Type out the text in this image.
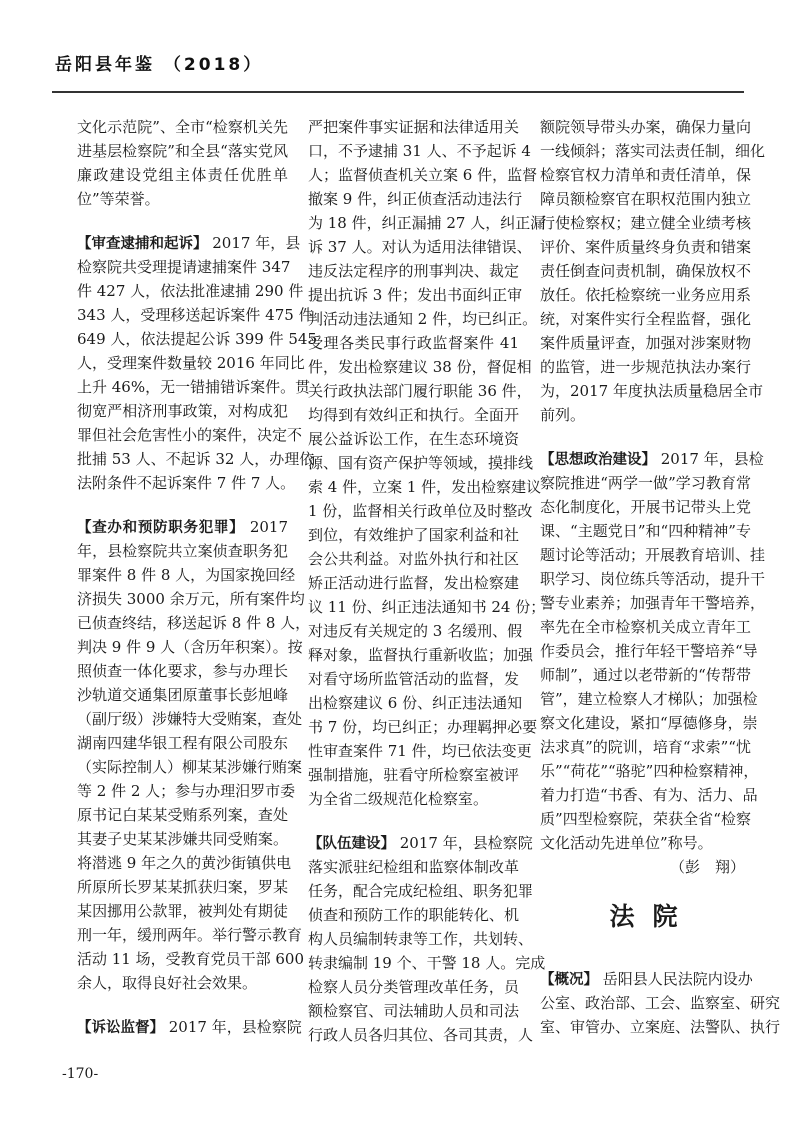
岳阳县年鉴 （2018）
文化示范院”、全市“检察机关先
进基层检察院”和全县“落实党风
廉政建设党组主体责任优胜单
位”等荣誉。
【审查逮捕和起诉】 2017 年，县
检察院共受理提请逮捕案件 347
件 427 人，依法批准逮捕 290 件
343 人，受理移送起诉案件 475 件
649 人，依法提起公诉 399 件 545
人，受理案件数量较 2016 年同比
上升 46%，无一错捕错诉案件。贯
彻宽严相济刑事政策，对构成犯
罪但社会危害性小的案件，决定不
批捕 53 人、不起诉 32 人，办理依
法附条件不起诉案件 7 件 7 人。
【查办和预防职务犯罪】 2017
年，县检察院共立案侦查职务犯
罪案件 8 件 8 人，为国家挽回经
济损失 3000 余万元，所有案件均
已侦查终结，移送起诉 8 件 8 人，
判决 9 件 9 人（含历年积案）。按
照侦查一体化要求，参与办理长
沙轨道交通集团原董事长彭旭峰
（副厅级）涉嫌特大受贿案，查处
湖南四建华银工程有限公司股东
（实际控制人）柳某某涉嫌行贿案
等 2 件 2 人；参与办理汨罗市委
原书记白某某受贿系列案，查处
其妻子史某某涉嫌共同受贿案。
将潜逃 9 年之久的黄沙街镇供电
所原所长罗某某抓获归案，罗某
某因挪用公款罪，被判处有期徒
刑一年，缓刑两年。举行警示教育
活动 11 场，受教育党员干部 600
余人，取得良好社会效果。
【诉讼监督】 2017 年，县检察院
严把案件事实证据和法律适用关
口，不予逮捕 31 人、不予起诉 4
人；监督侦查机关立案 6 件，监督
撤案 9 件，纠正侦查活动违法行
为 18 件，纠正漏捕 27 人，纠正漏
诉 37 人。对认为适用法律错误、
违反法定程序的刑事判决、裁定
提出抗诉 3 件；发出书面纠正审
判活动违法通知 2 件，均已纠正。
受理各类民事行政监督案件 41
件，发出检察建议 38 份，督促相
关行政执法部门履行职能 36 件，
均得到有效纠正和执行。全面开
展公益诉讼工作，在生态环境资
源、国有资产保护等领域，摸排线
索 4 件，立案 1 件，发出检察建议
1 份，监督相关行政单位及时整改
到位，有效维护了国家利益和社
会公共利益。对监外执行和社区
矫正活动进行监督，发出检察建
议 11 份、纠正违法通知书 24 份；
对违反有关规定的 3 名缓刑、假
释对象，监督执行重新收监；加强
对看守场所监管活动的监督，发
出检察建议 6 份、纠正违法通知
书 7 份，均已纠正；办理羁押必要
性审查案件 71 件，均已依法变更
强制措施，驻看守所检察室被评
为全省二级规范化检察室。
【队伍建设】 2017 年，县检察院
落实派驻纪检组和监察体制改革
任务，配合完成纪检组、职务犯罪
侦查和预防工作的职能转化、机
构人员编制转隶等工作，共划转、
转隶编制 19 个、干警 18 人。完成
检察人员分类管理改革任务，员
额检察官、司法辅助人员和司法
行政人员各归其位、各司其责，人
额院领导带头办案，确保力量向
一线倾斜；落实司法责任制，细化
检察官权力清单和责任清单，保
障员额检察官在职权范围内独立
行使检察权；建立健全业绩考核
评价、案件质量终身负责和错案
责任倒查问责机制，确保放权不
放任。依托检察统一业务应用系
统，对案件实行全程监督，强化
案件质量评查，加强对涉案财物
的监管，进一步规范执法办案行
为，2017 年度执法质量稳居全市
前列。
【思想政治建设】 2017 年，县检
察院推进“两学一做”学习教育常
态化制度化，开展书记带头上党
课、“主题党日”和“四种精神”专
题讨论等活动；开展教育培训、挂
职学习、岗位练兵等活动，提升干
警专业素养；加强青年干警培养，
率先在全市检察机关成立青年工
作委员会，推行年轻干警培养“导
师制”，通过以老带新的“传帮带
管”，建立检察人才梯队；加强检
察文化建设，紧扣“厚德修身，崇
法求真”的院训，培育“求索”“忧
乐”“荷花”“骆驼”四种检察精神，
着力打造“书香、有为、活力、品
质”四型检察院，荣获全省“检察
文化活动先进单位”称号。
（彭　翔）
法院
【概况】 岳阳县人民法院内设办
公室、政治部、工会、监察室、研究
室、审管办、立案庭、法警队、执行
-170-
